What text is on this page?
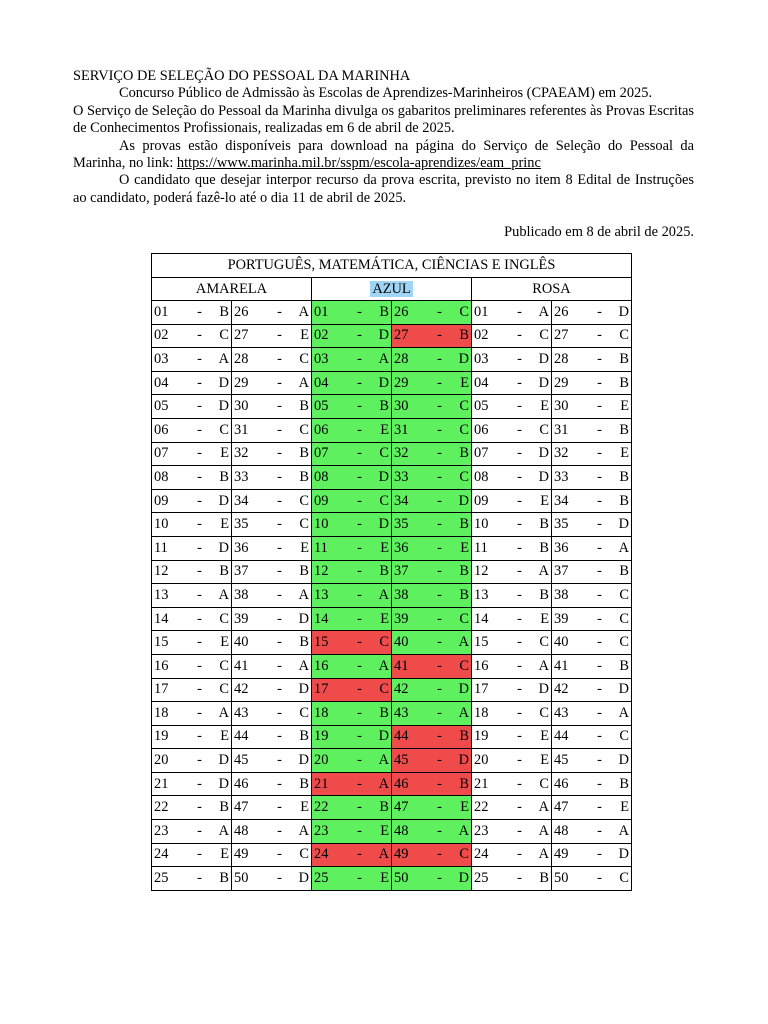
SERVIÇO DE SELEÇÃO DO PESSOAL DA MARINHA

Concurso Público de Admissão às Escolas de Aprendizes-Marinheiros (CPAEAM) em 2025.

O Serviço de Seleção do Pessoal da Marinha divulga os gabaritos preliminares referentes às Provas Escritas de Conhecimentos Profissionais, realizadas em 6 de abril de 2025.

As provas estão disponíveis para download na página do Serviço de Seleção do Pessoal da Marinha, no link: https://www.marinha.mil.br/sspm/escola-aprendizes/eam_princ

O candidato que desejar interpor recurso da prova escrita, previsto no item 8 Edital de Instruções ao candidato, poderá fazê-lo até o dia 11 de abril de 2025.

Publicado em 8 de abril de 2025.

PORTUGUÊS, MATEMÁTICA, CIÊNCIAS E INGLÊS					
AMARELA		AZUL		ROSA	

01 - B	26 - A	01 - B	26 - C	01 - A	26 - D

02 - C	27 - E	02 - D	27 - B	02 - C	27 - C

03 - A	28 - C	03 - A	28 - D	03 - D	28 - B

04 - D	29 - A	04 - D	29 - E	04 - D	29 - B

05 - D	30 - B	05 - B	30 - C	05 - E	30 - E

06 - C	31 - C	06 - E	31 - C	06 - C	31 - B

07 - E	32 - B	07 - C	32 - B	07 - D	32 - E

08 - B	33 - B	08 - D	33 - C	08 - D	33 - B

09 - D	34 - C	09 - C	34 - D	09 - E	34 - B

10 - E	35 - C	10 - D	35 - B	10 - B	35 - D

11 - D	36 - E	11 - E	36 - E	11 - B	36 - A

12 - B	37 - B	12 - B	37 - B	12 - A	37 - B

13 - A	38 - A	13 - A	38 - B	13 - B	38 - C

14 - C	39 - D	14 - E	39 - C	14 - E	39 - C

15 - E	40 - B	15 - C	40 - A	15 - C	40 - C

16 - C	41 - A	16 - A	41 - C	16 - A	41 - B

17 - C	42 - D	17 - C	42 - D	17 - D	42 - D

18 - A	43 - C	18 - B	43 - A	18 - C	43 - A

19 - E	44 - B	19 - D	44 - B	19 - E	44 - C

20 - D	45 - D	20 - A	45 - D	20 - E	45 - D

21 - D	46 - B	21 - A	46 - B	21 - C	46 - B

22 - B	47 - E	22 - B	47 - E	22 - A	47 - E

23 - A	48 - A	23 - E	48 - A	23 - A	48 - A

24 - E	49 - C	24 - A	49 - C	24 - A	49 - D

25 - B	50 - D	25 - E	50 - D	25 - B	50 - C
